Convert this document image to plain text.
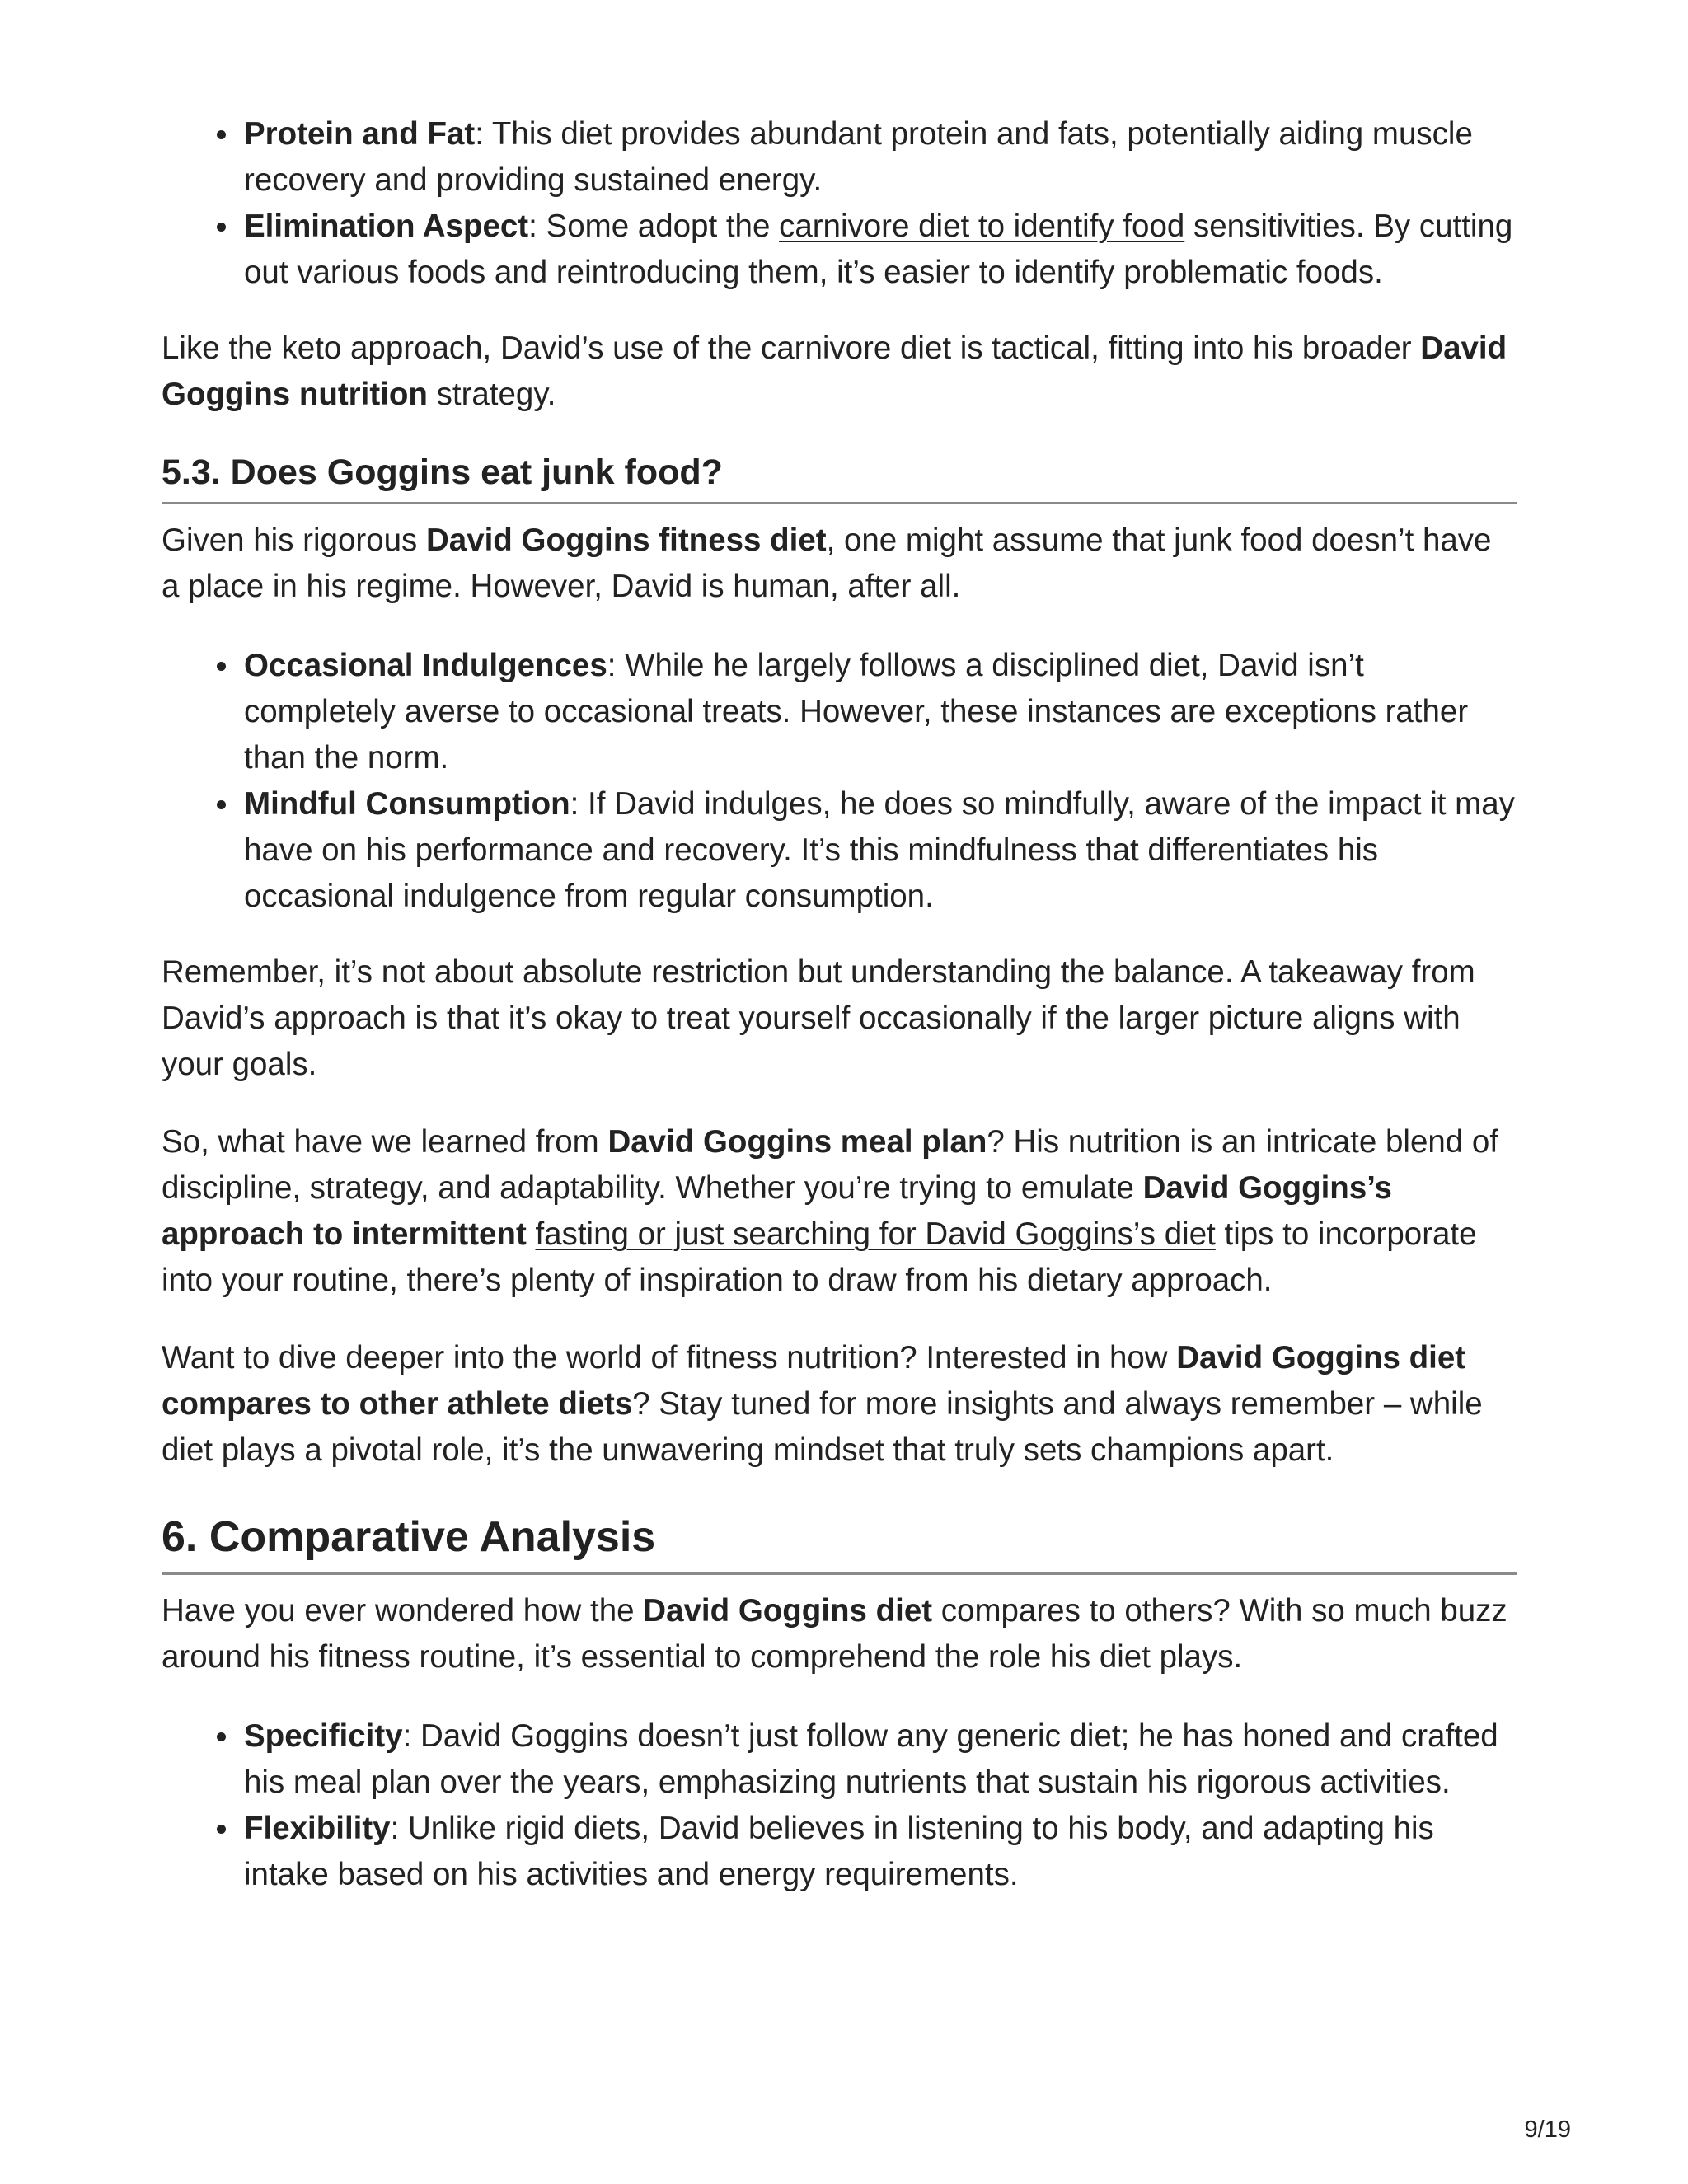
Protein and Fat: This diet provides abundant protein and fats, potentially aiding muscle recovery and providing sustained energy.
Elimination Aspect: Some adopt the carnivore diet to identify food sensitivities. By cutting out various foods and reintroducing them, it’s easier to identify problematic foods.

Like the keto approach, David’s use of the carnivore diet is tactical, fitting into his broader David Goggins nutrition strategy.

5.3. Does Goggins eat junk food?

Given his rigorous David Goggins fitness diet, one might assume that junk food doesn’t have a place in his regime. However, David is human, after all.

Occasional Indulgences: While he largely follows a disciplined diet, David isn’t completely averse to occasional treats. However, these instances are exceptions rather than the norm.
Mindful Consumption: If David indulges, he does so mindfully, aware of the impact it may have on his performance and recovery. It’s this mindfulness that differentiates his occasional indulgence from regular consumption.

Remember, it’s not about absolute restriction but understanding the balance. A takeaway from David’s approach is that it’s okay to treat yourself occasionally if the larger picture aligns with your goals.

So, what have we learned from David Goggins meal plan? His nutrition is an intricate blend of discipline, strategy, and adaptability. Whether you’re trying to emulate David Goggins’s approach to intermittent fasting or just searching for David Goggins’s diet tips to incorporate into your routine, there’s plenty of inspiration to draw from his dietary approach.

Want to dive deeper into the world of fitness nutrition? Interested in how David Goggins diet compares to other athlete diets? Stay tuned for more insights and always remember – while diet plays a pivotal role, it’s the unwavering mindset that truly sets champions apart.

6. Comparative Analysis

Have you ever wondered how the David Goggins diet compares to others? With so much buzz around his fitness routine, it’s essential to comprehend the role his diet plays.

Specificity: David Goggins doesn’t just follow any generic diet; he has honed and crafted his meal plan over the years, emphasizing nutrients that sustain his rigorous activities.
Flexibility: Unlike rigid diets, David believes in listening to his body, and adapting his intake based on his activities and energy requirements.
9/19
